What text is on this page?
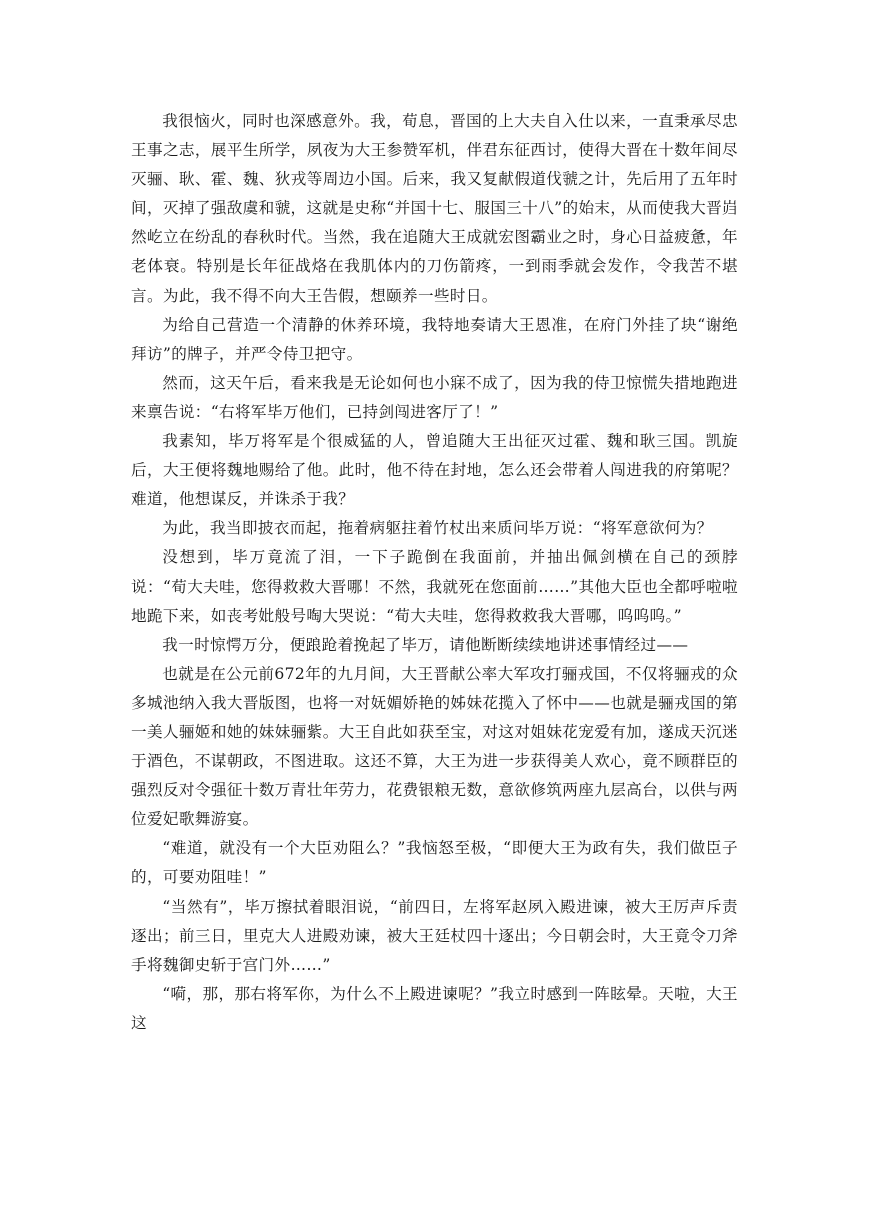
我很恼火，同时也深感意外。我，荀息，晋国的上大夫自入仕以来，一直秉承尽忠王事之志，展平生所学，夙夜为大王参赞军机，伴君东征西讨，使得大晋在十数年间尽灭骊、耿、霍、魏、狄戎等周边小国。后来，我又复献假道伐虢之计，先后用了五年时间，灭掉了强敌虞和虢，这就是史称“并国十七、服国三十八”的始末，从而使我大晋岿然屹立在纷乱的春秋时代。当然，我在追随大王成就宏图霸业之时，身心日益疲惫，年老体衰。特别是长年征战烙在我肌体内的刀伤箭疼，一到雨季就会发作，令我苦不堪言。为此，我不得不向大王告假，想颐养一些时日。

为给自己营造一个清静的休养环境，我特地奏请大王恩准，在府门外挂了块“谢绝拜访”的牌子，并严令侍卫把守。

然而，这天午后，看来我是无论如何也小寐不成了，因为我的侍卫惊慌失措地跑进来禀告说：“右将军毕万他们，已持剑闯进客厅了！”

我素知，毕万将军是个很威猛的人，曾追随大王出征灭过霍、魏和耿三国。凯旋后，大王便将魏地赐给了他。此时，他不待在封地，怎么还会带着人闯进我的府第呢？难道，他想谋反，并诛杀于我？

为此，我当即披衣而起，拖着病躯拄着竹杖出来质问毕万说：“将军意欲何为？

没想到，毕万竟流了泪，一下子跪倒在我面前，并抽出佩剑横在自己的颈脖说：“荀大夫哇，您得救救大晋哪！不然，我就死在您面前……”其他大臣也全都呼啦啦地跪下来，如丧考妣般号啕大哭说：“荀大夫哇，您得救救我大晋哪，呜呜呜。”

我一时惊愕万分，便踉跄着挽起了毕万，请他断断续续地讲述事情经过——

也就是在公元前672年的九月间，大王晋献公率大军攻打骊戎国，不仅将骊戎的众多城池纳入我大晋版图，也将一对妩媚娇艳的姊妹花揽入了怀中——也就是骊戎国的第一美人骊姬和她的妹妹骊紫。大王自此如获至宝，对这对姐妹花宠爱有加，遂成天沉迷于酒色，不谋朝政，不图进取。这还不算，大王为进一步获得美人欢心，竟不顾群臣的强烈反对令强征十数万青壮年劳力，花费银粮无数，意欲修筑两座九层高台，以供与两位爱妃歌舞游宴。

“难道，就没有一个大臣劝阻么？”我恼怒至极，“即便大王为政有失，我们做臣子的，可要劝阻哇！”

“当然有”，毕万擦拭着眼泪说，“前四日，左将军赵夙入殿进谏，被大王厉声斥责逐出；前三日，里克大人进殿劝谏，被大王廷杖四十逐出；今日朝会时，大王竟令刀斧手将魏御史斩于宫门外……”

“嗬，那，那右将军你，为什么不上殿进谏呢？”我立时感到一阵眩晕。天啦，大王这
